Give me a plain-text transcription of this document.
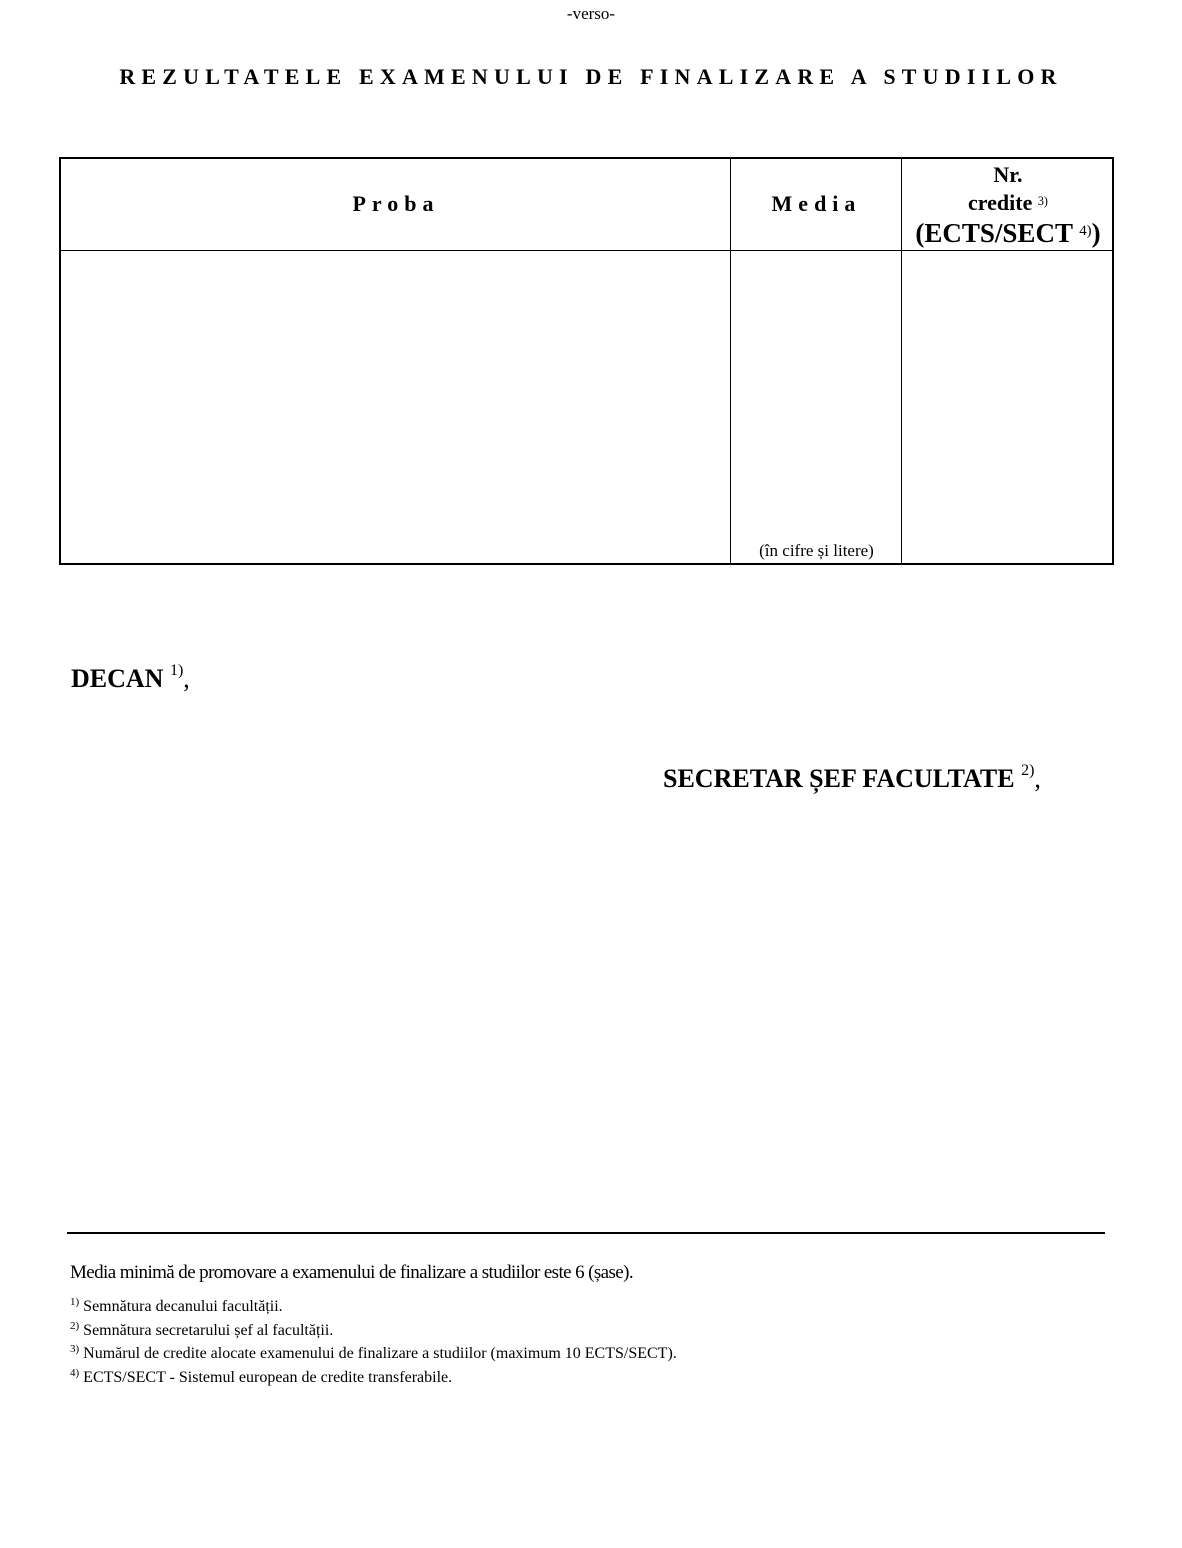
-verso-
REZULTATELE EXAMENULUI DE FINALIZARE A STUDIILOR
Proba	Media
Nr.
credite $^{3)}$
(ECTS/SECT $^{4)}$)
(în cifre și litere)
DECAN $^{1)}$,
SECRETAR ȘEF FACULTATE $^{2)}$,
Media minimă de promovare a examenului de finalizare a studiilor este 6 (șase).
$^{1)}$ Semnătura decanului facultății.
$^{2)}$ Semnătura secretarului șef al facultății.
$^{3)}$ Numărul de credite alocate examenului de finalizare a studiilor (maximum 10 ECTS/SECT).
$^{4)}$ ECTS/SECT - Sistemul european de credite transferabile.
